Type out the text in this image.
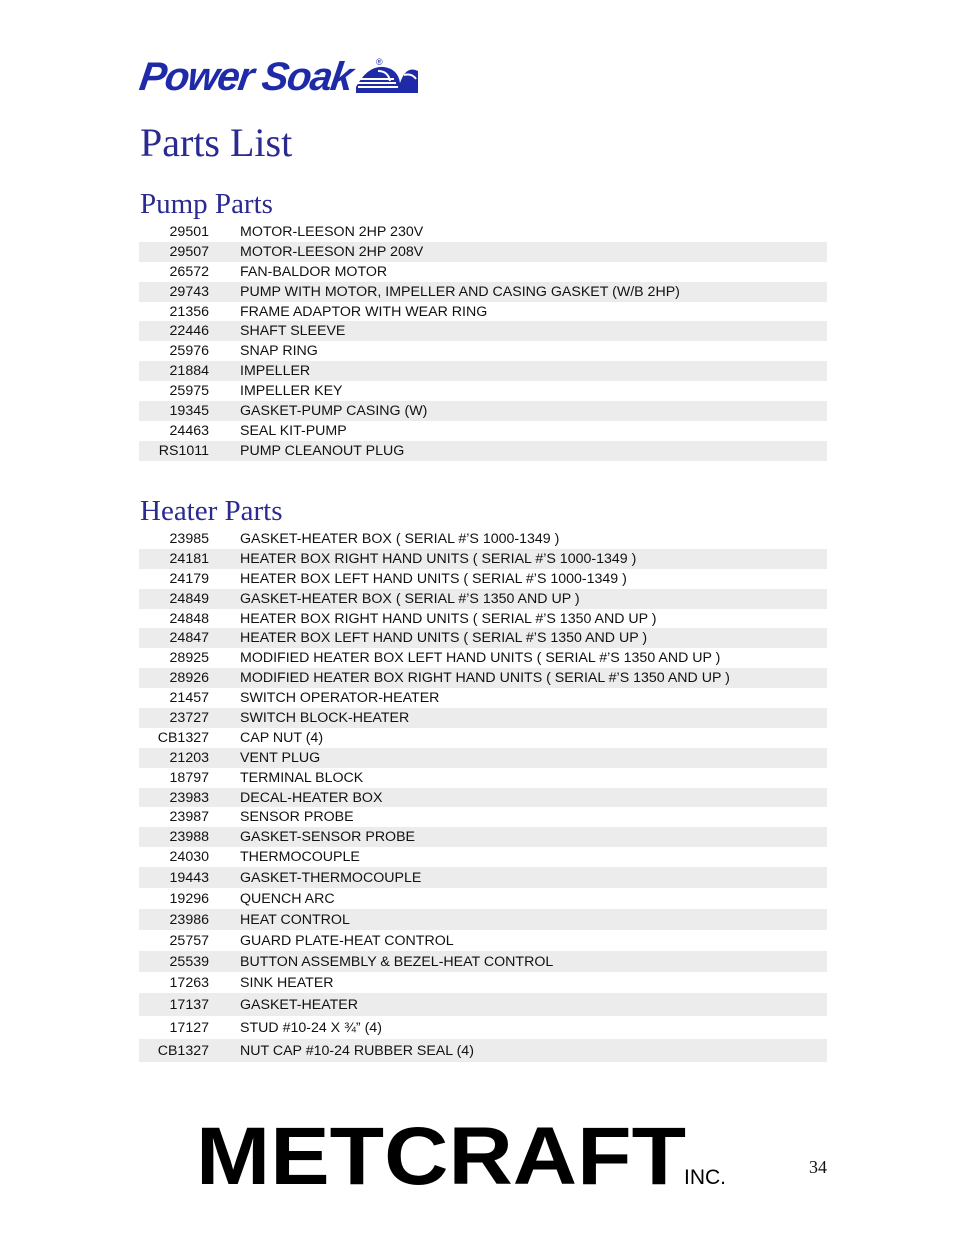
Power Soak ®
Parts List
Pump Parts
29501 MOTOR-LEESON 2HP 230V
29507 MOTOR-LEESON 2HP 208V
26572 FAN-BALDOR MOTOR
29743 PUMP WITH MOTOR, IMPELLER AND CASING GASKET (W/B 2HP)
21356 FRAME ADAPTOR WITH WEAR RING
22446 SHAFT SLEEVE
25976 SNAP RING
21884 IMPELLER
25975 IMPELLER KEY
19345 GASKET-PUMP CASING (W)
24463 SEAL KIT-PUMP
RS1011 PUMP CLEANOUT PLUG
Heater Parts
23985 GASKET-HEATER BOX ( SERIAL #’S 1000-1349 )
24181 HEATER BOX RIGHT HAND UNITS ( SERIAL #’S 1000-1349 )
24179 HEATER BOX LEFT HAND UNITS ( SERIAL #’S 1000-1349 )
24849 GASKET-HEATER BOX ( SERIAL #’S 1350 AND UP )
24848 HEATER BOX RIGHT HAND UNITS ( SERIAL #’S 1350 AND UP )
24847 HEATER BOX LEFT HAND UNITS ( SERIAL #’S 1350 AND UP )
28925 MODIFIED HEATER BOX LEFT HAND UNITS ( SERIAL #’S 1350 AND UP )
28926 MODIFIED HEATER BOX RIGHT HAND UNITS ( SERIAL #’S 1350 AND UP )
21457 SWITCH OPERATOR-HEATER
23727 SWITCH BLOCK-HEATER
CB1327 CAP NUT (4)
21203 VENT PLUG
18797 TERMINAL BLOCK
23983 DECAL-HEATER BOX
23987 SENSOR PROBE
23988 GASKET-SENSOR PROBE
24030 THERMOCOUPLE
19443 GASKET-THERMOCOUPLE
19296 QUENCH ARC
23986 HEAT CONTROL
25757 GUARD PLATE-HEAT CONTROL
25539 BUTTON ASSEMBLY & BEZEL-HEAT CONTROL
17263 SINK HEATER
17137 GASKET-HEATER
17127 STUD #10-24 X ¾” (4)
CB1327 NUT CAP #10-24 RUBBER SEAL (4)
METCRAFT
INC.	34
